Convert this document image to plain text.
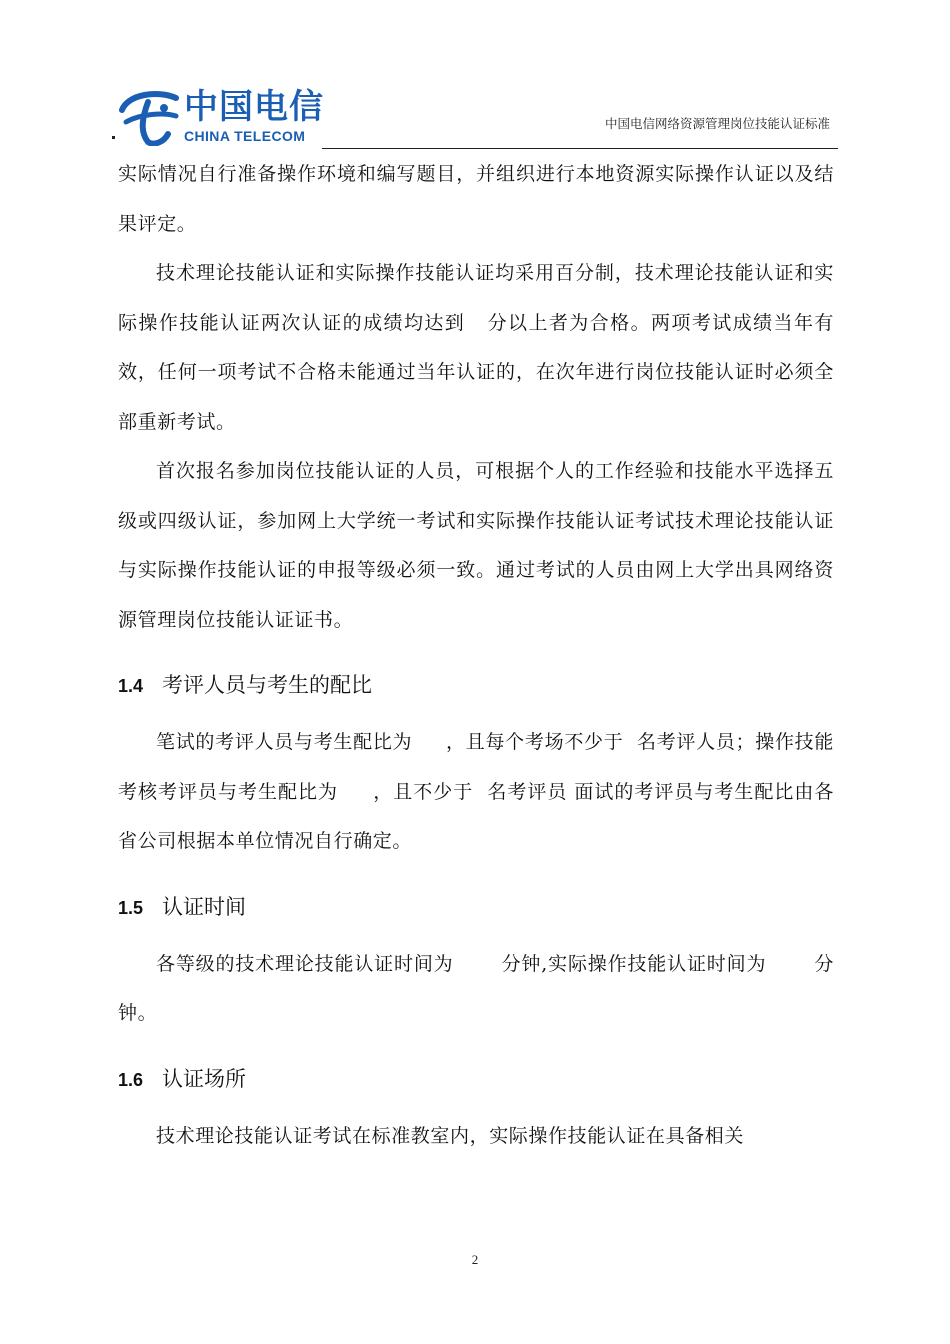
中国电信
CHINA TELECOM
中国电信网络资源管理岗位技能认证标准

实际情况自行准备操作环境和编写题目，并组织进行本地资源实际操作认证以及结果评定。

技术理论技能认证和实际操作技能认证均采用百分制，技术理论技能认证和实际操作技能认证两次认证的成绩均达到   分以上者为合格。两项考试成绩当年有效，任何一项考试不合格未能通过当年认证的，在次年进行岗位技能认证时必须全部重新考试。

首次报名参加岗位技能认证的人员，可根据个人的工作经验和技能水平选择五级或四级认证，参加网上大学统一考试和实际操作技能认证考试技术理论技能认证与实际操作技能认证的申报等级必须一致。通过考试的人员由网上大学出具网络资源管理岗位技能认证证书。

1.4 考评人员与考生的配比

笔试的考评人员与考生配比为     ，且每个考场不少于  名考评人员；操作技能考核考评员与考生配比为     ，且不少于  名考评员 面试的考评员与考生配比由各省公司根据本单位情况自行确定。

1.5 认证时间

各等级的技术理论技能认证时间为       分钟,实际操作技能认证时间为       分钟。

1.6 认证场所

技术理论技能认证考试在标准教室内，实际操作技能认证在具备相关

2
